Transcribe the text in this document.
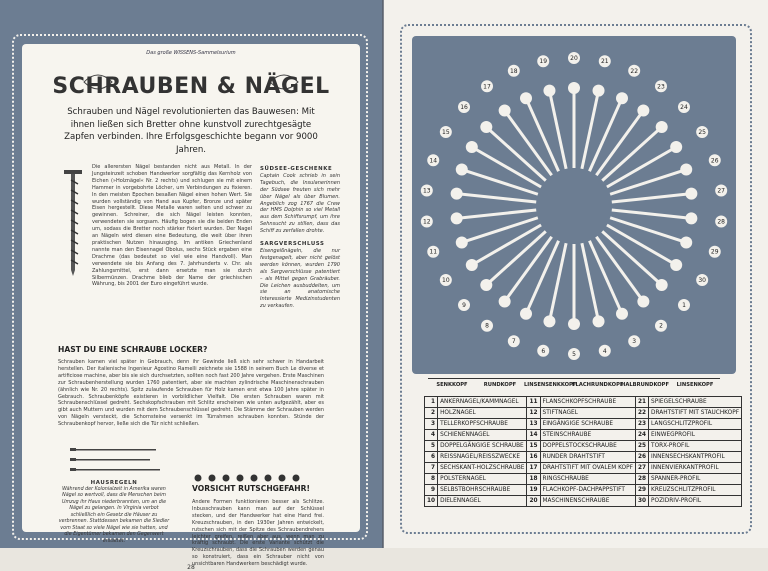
Das große WISSENS-Sammelsurium
SCHRAUBEN & NÄGEL
Schrauben und Nägel revolutionierten das Bauwesen: Mit ihnen ließen sich Bretter ohne kunstvoll zurechtgesägte Zapfen verbinden. Ihre Erfolgsgeschichte begann vor 9000 Jahren.
Die allerersten Nägel bestanden nicht aus Metall. In der Jungsteinzeit schoben Handwerker sorgfältig das Kernholz von Eichen (»Holznägel« Nr. 2 rechts) und schlugen sie mit einem Hammer in vorgebohrte Löcher, um Verbindungen zu fixieren. In den meisten Epochen besaßen Nägel einen hohen Wert. Sie wurden vollständig von Hand aus Kupfer, Bronze und später Eisen hergestellt. Diese Metalle waren selten und schwer zu gewinnen. Schreiner, die sich Nägel leisten konnten, verwendeten sie sorgsam. Häufig bogen sie die beiden Enden um, sodass die Bretter noch stärker fixiert wurden. Der Nagel an Nägeln wird diesen eine Bedeutung, die weit über ihren praktischen Nutzen hinausging. Im antiken Griechenland nannte man den Eisennagel Obolus, sechs Stück ergaben eine Drachme (das bedeutet so viel wie eine Handvoll). Man verwendete sie bis Anfang des 7. Jahrhunderts v. Chr. als Zahlungsmittel, erst dann ersetzte man sie durch Silbermünzen. Drachme blieb der Name der griechischen Währung, bis 2001 der Euro eingeführt wurde.
SÜDSEE-GESCHENKE
Captain Cook schrieb in sein Tagebuch, die Insulanerinnen der Südsee freuten sich mehr über Nägel als über Blumen. Angeblich zog 1767 die Crew der HMS Dolphin so viel Metall aus dem Schiffsrumpf, um ihre Sehnsucht zu stillen, dass das Schiff zu zerfallen drohte.
SARGVERSCHLUSS
Eisengeißnägeln, die nur festgenagelt, aber nicht gelöst werden können, wurden 1790 als Sargverschlüsse patentiert – als Mittel gegen Grabräuber. Die Leichen ausbuddelten, um sie an anatomische Interessierte Medizinstudenten zu verkaufen.
HAST DU EINE SCHRAUBE LOCKER?
Schrauben kamen viel später in Gebrauch, denn ihr Gewinde ließ sich sehr schwer in Handarbeit herstellen. Der italienische Ingenieur Agostino Ramelli zeichnete sie 1588 in seinem Buch Le diverse et artificiose machine, aber bis sie sich durchsetzten, sollten noch fast 200 Jahre vergehen. Erste Maschinen zur Schraubenherstellung wurden 1760 patentiert, aber sie machten zylindrische Maschinenschrauben (ähnlich wie Nr. 20 rechts). Spitz zulaufende Schrauben für Holz kamen erst etwa 100 Jahre später in Gebrauch. Schraubenköpfe existieren in vorbildlicher Vielfalt. Die ersten Schrauben waren mit Schraubenschlüssel gedreht. Sechskopfschrauben mit Schlitz erscheinen wie unten aufgezählt, aber es gibt auch Muttern und wurden mit dem Schraubenschlüssel gedreht. Die Stämme der Schrauben werden von Nägeln versteckt, die Schornsteine versenkt im Türrahmen schrauben konnten. Stünde der Schraubenkopf hervor, ließe sich die Tür nicht schließen.
HAUSREGELN
Während der Kolonialzeit in Amerika waren Nägel so wertvoll, dass die Menschen beim Umzug ihr Haus niederbrannten, um an die Nägel zu gelangen. In Virginia verbot schließlich ein Gesetz die Häuser zu verbrennen. Stattdessen bekamen die Siedler vom Staat so viele Nägel wie sie hatten, und die Eigentümer bekamen den Gegenwert erstattet.
VORSICHT RUTSCHGEFAHR!
Andere Formen funktionieren besser als Schlitze. Inbusschrauben kann man auf der Schlüssel stecken, und der Handwerker hat eine Hand frei. Kreuzschrauben, in den 1930er Jahren entwickelt, rutschen sich mit der Spitze des Schraubendrehers leichter greifen, reißen aber aus, wenn man zu kräftig schraubt. Die erste Variante schützt die Kreuzschrauben, dass die Schrauben werden genau so konstruiert, dass ein Schrauber nicht von unsichtbaren Handwerkern beschädigt wurde.
28
20	21
22
23
24
25
26
27
28
29
30
1
2
3
4
5
6
7
8
9
10
11
12
13
14
15
16
17
18
19
SENKKOPF	RUNDKOPF	LINSENSENKKOPF
FLACHRUNDKOPF
HALBRUNDKOPF	LINSENKOPF
1	ANKERNAGEL/KAMMNAGEL	11	FLANSCHKOPFSCHRAUBE	21	SPIEGELSCHRAUBE
2	HOLZNAGEL	12	STIFTNAGEL	22	DRAHTSTIFT MIT STAUCHKOPF
3	TELLERKOPFSCHRAUBE	13	EINGÄNGIGE SCHRAUBE	23	LANGSCHLITZPROFIL
4	SCHIENENNAGEL	14	STEINSCHRAUBE	24	EINWEGPROFIL
5	DOPPELGÄNGIGE SCHRAUBE	15	DOPPELSTOCKSCHRAUBE	25	TORX-PROFIL
6	REISSNAGEL/REISSZWECKE	16	RUNDER DRAHTSTIFT	26	INNENSECHSKANTPROFIL
7	SECHSKANT-HOLZSCHRAUBE	17	DRAHTSTIFT MIT OVALEM KOPF	27	INNENVIERKANTPROFIL
8	POLSTERNAGEL	18	RINGSCHRAUBE	28	SPANNER-PROFIL
9	SELBSTBOHRSCHRAUBE	19	FLACHKOPF-DACHPAPPSTIFT	29	KREUZSCHLITZPROFIL
10	DIELENNAGEL	20	MASCHINENSCHRAUBE	30	POZIDRIV-PROFIL
